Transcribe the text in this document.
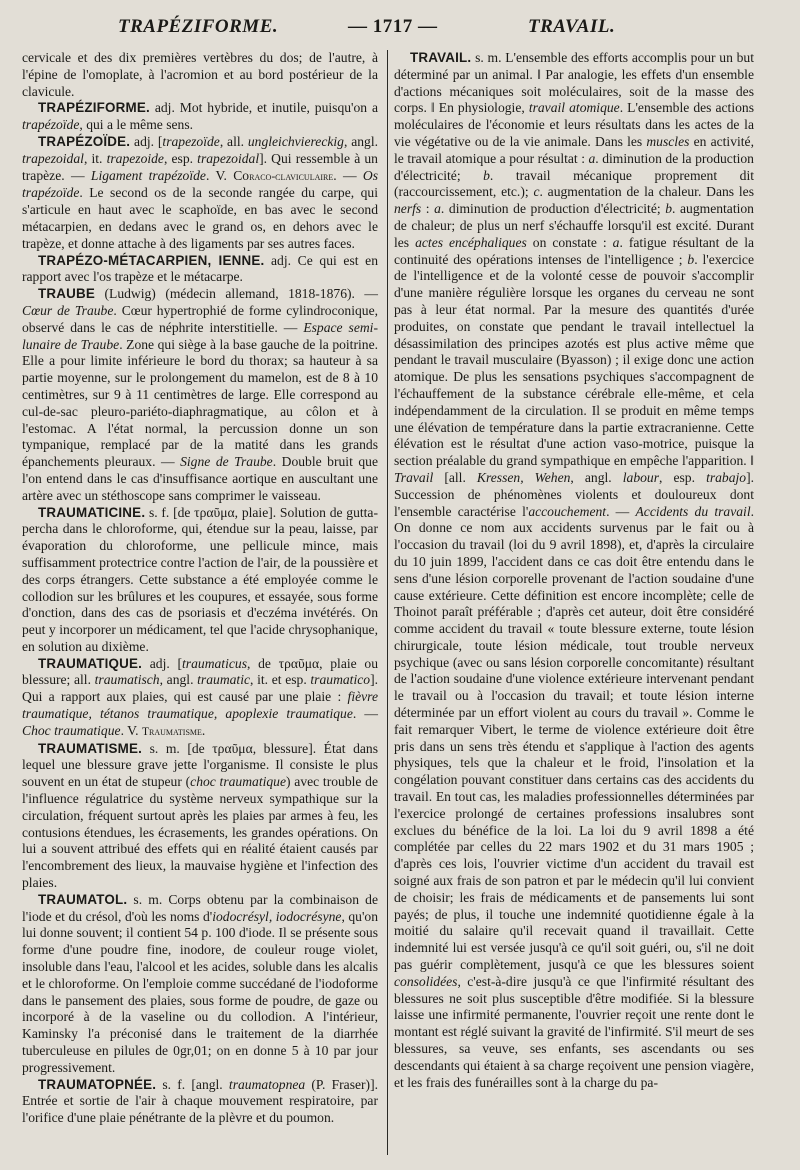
TRAPÉZIFORME.	— 1717 —	TRAVAIL.

cervicale et des dix premières vertèbres du dos; de l'autre, à l'épine de l'omoplate, à l'acromion et au bord postérieur de la clavicule.

TRAPÉZIFORME. adj. Mot hybride, et inutile, puisqu'on a trapézoïde, qui a le même sens.

TRAPÉZOÏDE. adj. [trapezoïde, all. ungleichviereckig, angl. trapezoidal, it. trapezoide, esp. trapezoidal]. Qui ressemble à un trapèze. — Ligament trapézoïde. V. Coraco-claviculaire. — Os trapézoïde. Le second os de la seconde rangée du carpe, qui s'articule en haut avec le scaphoïde, en bas avec le second métacarpien, en dedans avec le grand os, en dehors avec le trapèze, et donne attache à des ligaments par ses autres faces.

TRAPÉZO-MÉTACARPIEN, IENNE. adj. Ce qui est en rapport avec l'os trapèze et le métacarpe.

TRAUBE (Ludwig) (médecin allemand, 1818-1876). — Cœur de Traube. Cœur hypertrophié de forme cylindroconique, observé dans le cas de néphrite interstitielle. — Espace semi-lunaire de Traube. Zone qui siège à la base gauche de la poitrine. Elle a pour limite inférieure le bord du thorax; sa hauteur à sa partie moyenne, sur le prolongement du mamelon, est de 8 à 10 centimètres, sur 9 à 11 centimètres de large. Elle correspond au cul-de-sac pleuro-pariéto-diaphragmatique, au côlon et à l'estomac. A l'état normal, la percussion donne un son tympanique, remplacé par de la matité dans les grands épanchements pleuraux. — Signe de Traube. Double bruit que l'on entend dans le cas d'insuffisance aortique en auscultant une artère avec un stéthoscope sans comprimer le vaisseau.

TRAUMATICINE. s. f. [de τραῦμα, plaie]. Solution de gutta-percha dans le chloroforme, qui, étendue sur la peau, laisse, par évaporation du chloroforme, une pellicule mince, mais suffisamment protectrice contre l'action de l'air, de la poussière et des corps étrangers. Cette substance a été employée comme le collodion sur les brûlures et les coupures, et essayée, sous forme d'onction, dans des cas de psoriasis et d'eczéma invétérés. On peut y incorporer un médicament, tel que l'acide chrysophanique, en solution au dixième.

TRAUMATIQUE. adj. [traumaticus, de τραῦμα, plaie ou blessure; all. traumatisch, angl. traumatic, it. et esp. traumatico]. Qui a rapport aux plaies, qui est causé par une plaie : fièvre traumatique, tétanos traumatique, apoplexie traumatique. — Choc traumatique. V. Traumatisme.

TRAUMATISME. s. m. [de τραῦμα, blessure]. État dans lequel une blessure grave jette l'organisme. Il consiste le plus souvent en un état de stupeur (choc traumatique) avec trouble de l'influence régulatrice du système nerveux sympathique sur la circulation, fréquent surtout après les plaies par armes à feu, les contusions étendues, les écrasements, les grandes opérations. On lui a souvent attribué des effets qui en réalité étaient causés par l'encombrement des lieux, la mauvaise hygiène et l'infection des plaies.

TRAUMATOL. s. m. Corps obtenu par la combinaison de l'iode et du crésol, d'où les noms d'iodocrésyl, iodocrésyne, qu'on lui donne souvent; il contient 54 p. 100 d'iode. Il se présente sous forme d'une poudre fine, inodore, de couleur rouge violet, insoluble dans l'eau, l'alcool et les acides, soluble dans les alcalis et le chloroforme. On l'emploie comme succédané de l'iodoforme dans le pansement des plaies, sous forme de poudre, de gaze ou incorporé à de la vaseline ou du collodion. A l'intérieur, Kaminsky l'a préconisé dans le traitement de la diarrhée tuberculeuse en pilules de 0gr,01; on en donne 5 à 10 par jour progressivement.

TRAUMATOPNÉE. s. f. [angl. traumatopnea (P. Fraser)]. Entrée et sortie de l'air à chaque mouvement respiratoire, par l'orifice d'une plaie pénétrante de la plèvre et du poumon.

TRAVAIL. s. m. L'ensemble des efforts accomplis pour un but déterminé par un animal. ‖ Par analogie, les effets d'un ensemble d'actions mécaniques soit moléculaires, soit de la masse des corps. ‖ En physiologie, travail atomique. L'ensemble des actions moléculaires de l'économie et leurs résultats dans les actes de la vie végétative ou de la vie animale. Dans les muscles en activité, le travail atomique a pour résultat : a. diminution de la production d'électricité; b. travail mécanique proprement dit (raccourcissement, etc.); c. augmentation de la chaleur. Dans les nerfs : a. diminution de production d'électricité; b. augmentation de chaleur; de plus un nerf s'échauffe lorsqu'il est excité. Durant les actes encéphaliques on constate : a. fatigue résultant de la continuité des opérations intenses de l'intelligence ; b. l'exercice de l'intelligence et de la volonté cesse de pouvoir s'accomplir d'une manière régulière lorsque les organes du cerveau ne sont pas à leur état normal. Par la mesure des quantités d'urée produites, on constate que pendant le travail intellectuel la désassimilation des principes azotés est plus active même que pendant le travail musculaire (Byasson) ; il exige donc une action atomique. De plus les sensations psychiques s'accompagnent de l'échauffement de la substance cérébrale elle-même, et cela indépendamment de la circulation. Il se produit en même temps une élévation de température dans la partie extracranienne. Cette élévation est le résultat d'une action vaso-motrice, puisque la section préalable du grand sympathique en empêche l'apparition. ‖ Travail [all. Kressen, Wehen, angl. labour, esp. trabajo]. Succession de phénomènes violents et douloureux dont l'ensemble caractérise l'accouchement. — Accidents du travail. On donne ce nom aux accidents survenus par le fait ou à l'occasion du travail (loi du 9 avril 1898), et, d'après la circulaire du 10 juin 1899, l'accident dans ce cas doit être entendu dans le sens d'une lésion corporelle provenant de l'action soudaine d'une cause extérieure. Cette définition est encore incomplète; celle de Thoinot paraît préférable ; d'après cet auteur, doit être considéré comme accident du travail « toute blessure externe, toute lésion chirurgicale, toute lésion médicale, tout trouble nerveux psychique (avec ou sans lésion corporelle concomitante) résultant de l'action soudaine d'une violence extérieure intervenant pendant le travail ou à l'occasion du travail; et toute lésion interne déterminée par un effort violent au cours du travail ». Comme le fait remarquer Vibert, le terme de violence extérieure doit être pris dans un sens très étendu et s'applique à l'action des agents physiques, tels que la chaleur et le froid, l'insolation et la congélation pouvant constituer dans certains cas des accidents du travail. En tout cas, les maladies professionnelles déterminées par l'exercice prolongé de certaines professions insalubres sont exclues du bénéfice de la loi. La loi du 9 avril 1898 a été complétée par celles du 22 mars 1902 et du 31 mars 1905 ; d'après ces lois, l'ouvrier victime d'un accident du travail est soigné aux frais de son patron et par le médecin qu'il lui convient de choisir; les frais de médicaments et de pansements lui sont payés; de plus, il touche une indemnité quotidienne égale à la moitié du salaire qu'il recevait quand il travaillait. Cette indemnité lui est versée jusqu'à ce qu'il soit guéri, ou, s'il ne doit pas guérir complètement, jusqu'à ce que les blessures soient consolidées, c'est-à-dire jusqu'à ce que l'infirmité résultant des blessures ne soit plus susceptible d'être modifiée. Si la blessure laisse une infirmité permanente, l'ouvrier reçoit une rente dont le montant est réglé suivant la gravité de l'infirmité. S'il meurt de ses blessures, sa veuve, ses enfants, ses ascendants ou ses descendants qui étaient à sa charge reçoivent une pension viagère, et les frais des funérailles sont à la charge du pa-
